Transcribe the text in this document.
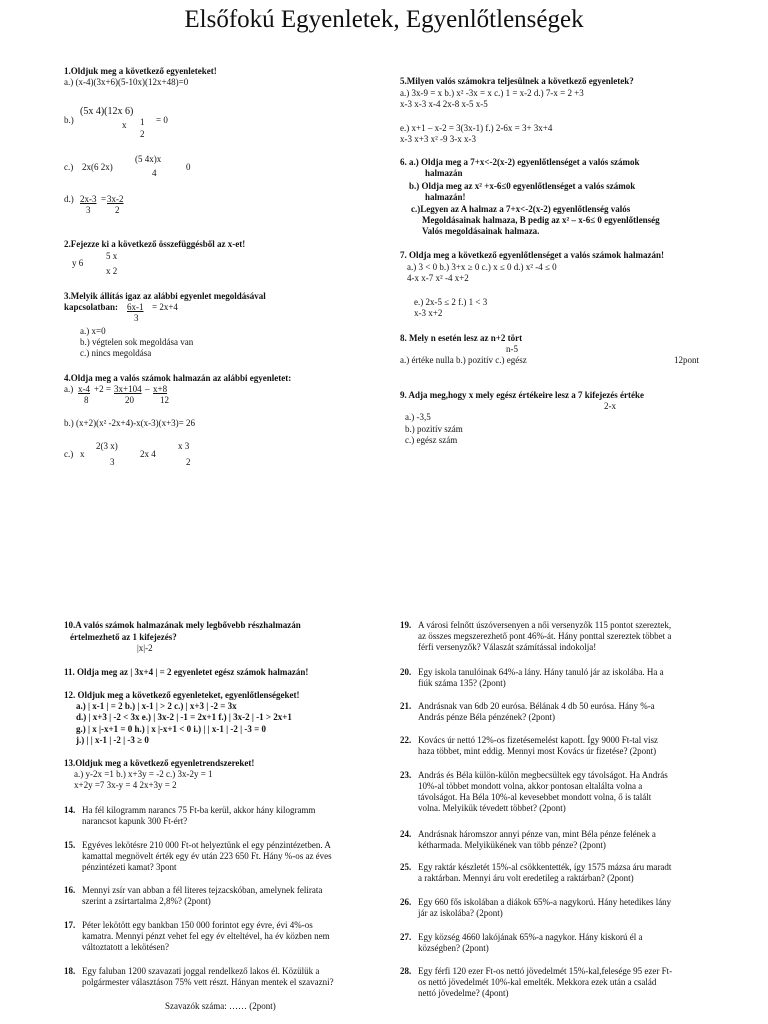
Elsőfokú Egyenletek, Egyenlőtlenségek
1.Oldjuk meg a következő egyenleteket!
a.) (x-4)(3x+6)(5-10x)(12x+48)=0
b.)
(5x 4)(12x 6)
x 1
2
= 0
c.) 2x(6 2x)
(5 4x)x
4
0
d.) 2x-3 = 3x-2
3	2
2.Fejezze ki a következő összefüggésből az x-et!
y 6
5 x
x 2
3.Melyik állítás igaz az alábbi egyenlet megoldásával
kapcsolatban: 6x-1 = 2x+4
3
a.) x=0
b.) végtelen sok megoldása van
c.) nincs megoldása
4.Oldja meg a valós számok halmazán az alábbi egyenletet:
a.) x-4 +2 = 3x+104 – x+8
8	20	12
b.) (x+2)(x² -2x+4)-x(x-3)(x+3)= 26
c.) x
2(3 x)
3
2x 4
x 3
2
5.Milyen valós számokra teljesülnek a következő egyenletek?
a.) 3x-9 = x b.) x² -3x = x c.) 1 = x-2 d.) 7-x = 2 +3
x-3 x-3 x-4 2x-8 x-5 x-5
e.) x+1 – x-2 = 3(3x-1) f.) 2-6x = 3+ 3x+4
x-3 x+3 x² -9 3-x x-3
6. a.) Oldja meg a 7+x<-2(x-2) egyenlőtlenséget a valós számok
halmazán
b.) Oldja meg az x² +x-6≤0 egyenlőtlenséget a valós számok
halmazán!
c.)Legyen az A halmaz a 7+x<-2(x-2) egyenlőtlenség valós
Megoldásainak halmaza, B pedig az x² – x-6≤ 0 egyenlőtlenség
Valós megoldásainak halmaza.
7. Oldja meg a következő egyenlőtlenséget a valós számok halmazán!
a.) 3 < 0 b.) 3+x ≥ 0 c.) x ≤ 0 d.) x² -4 ≤ 0
4-x x-7 x² -4 x+2
e.) 2x-5 ≤ 2 f.) 1 < 3
x-3 x+2
8. Mely n esetén lesz az n+2 tört
n-5
a.) értéke nulla b.) pozitív c.) egész	12pont
9. Adja meg,hogy x mely egész értékeire lesz a 7 kifejezés értéke
2-x
a.) -3,5
b.) pozitív szám
c.) egész szám
10.A valós számok halmazának mely legbővebb részhalmazán
értelmezhető az 1 kifejezés?
|x|-2
11. Oldja meg az | 3x+4 | = 2 egyenletet egész számok halmazán!
12. Oldjuk meg a következő egyenleteket, egyenlőtlenségeket!
a.) | x-1 | = 2 b.) | x-1 | > 2 c.) | x+3 | -2 = 3x
d.) | x+3 | -2 < 3x e.) | 3x-2 | -1 = 2x+1 f.) | 3x-2 | -1 > 2x+1
g.) | x |-x+1 = 0 h.) | x |-x+1 < 0 i.) | | x-1 | -2 | -3 = 0
j.) | | x-1 | -2 | -3 ≥ 0
13.Oldjuk meg a következő egyenletrendszereket!
a.) y-2x =1 b.) x+3y = -2 c.) 3x-2y = 1
x+2y =7 3x-y = 4 2x+3y = 2
14. Ha fél kilogramm narancs 75 Ft-ba kerül, akkor hány kilogramm
narancsot kapunk 300 Ft-ért?
15. Egyéves lekötésre 210 000 Ft-ot helyeztünk el egy pénzintézetben. A
kamattal megnövelt érték egy év után 223 650 Ft. Hány %-os az éves
pénzintézeti kamat? 3pont
16. Mennyi zsír van abban a fél literes tejzacskóban, amelynek felirata
szerint a zsírtartalma 2,8%? (2pont)
17. Péter lekötött egy bankban 150 000 forintot egy évre, évi 4%-os
kamatra. Mennyi pénzt vehet fel egy év elteltével, ha év közben nem
változtatott a lekötésen?
18. Egy faluban 1200 szavazati joggal rendelkező lakos él. Közülük a
polgármester választáson 75% vett részt. Hányan mentek el szavazni?
Szavazók száma: …… (2pont)
19. A városi felnőtt úszóversenyen a női versenyzők 115 pontot szereztek,
az összes megszerezhető pont 46%-át. Hány ponttal szereztek többet a
férfi versenyzők? Válaszát számítással indokolja!
20. Egy iskola tanulóinak 64%-a lány. Hány tanuló jár az iskolába. Ha a
fiúk száma 135? (2pont)
21. Andrásnak van 6db 20 eurósa. Bélának 4 db 50 eurósa. Hány %-a
András pénze Béla pénzének? (2pont)
22. Kovács úr nettó 12%-os fizetésemelést kapott. Így 9000 Ft-tal visz
haza többet, mint eddig. Mennyi most Kovács úr fizetése? (2pont)
23. András és Béla külön-külön megbecsültek egy távolságot. Ha András
10%-al többet mondott volna, akkor pontosan eltalálta volna a
távolságot. Ha Béla 10%-al kevesebbet mondott volna, ő is talált
volna. Melyikük tévedett többet? (2pont)
24. Andrásnak háromszor annyi pénze van, mint Béla pénze felének a
kétharmada. Melyikükének van több pénze? (2pont)
25. Egy raktár készletét 15%-al csökkentették, így 1575 mázsa áru maradt
a raktárban. Mennyi áru volt eredetileg a raktárban? (2pont)
26. Egy 660 fős iskolában a diákok 65%-a nagykorú. Hány hetedikes lány
jár az iskolába? (2pont)
27. Egy község 4660 lakójának 65%-a nagykor. Hány kiskorú él a
községben? (2pont)
28. Egy férfi 120 ezer Ft-os nettó jövedelmét 15%-kal,felesége 95 ezer Ft-
os nettó jövedelmét 10%-kal emelték. Mekkora ezek után a család
nettó jövedelme? (4pont)
